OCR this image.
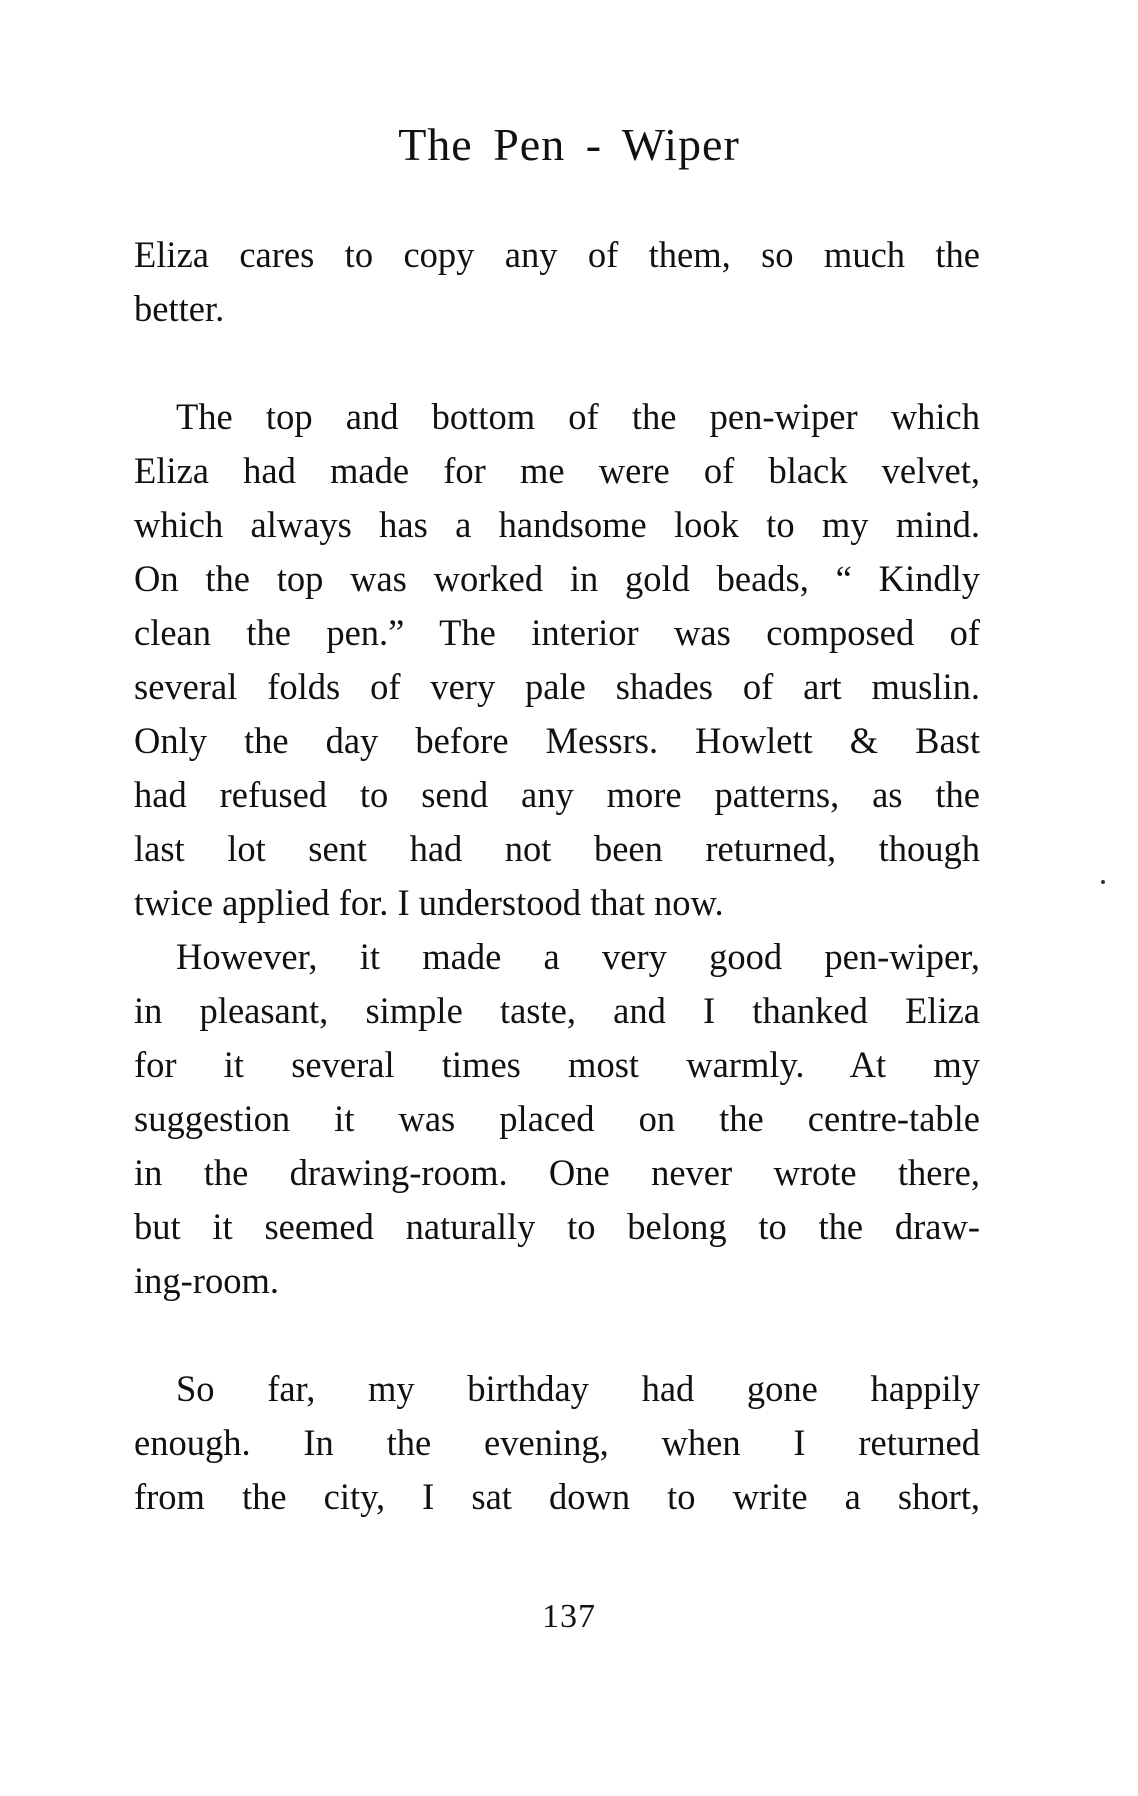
The Pen - Wiper
Eliza cares to copy any of them, so much the
better.
The top and bottom of the pen-wiper which
Eliza had made for me were of black velvet,
which always has a handsome look to my mind.
On the top was worked in gold beads, “ Kindly
clean the pen.” The interior was composed of
several folds of very pale shades of art muslin.
Only the day before Messrs. Howlett & Bast
had refused to send any more patterns, as the
last lot sent had not been returned, though
twice applied for. I understood that now.
However, it made a very good pen-wiper,
in pleasant, simple taste, and I thanked Eliza
for it several times most warmly. At my
suggestion it was placed on the centre-table
in the drawing-room. One never wrote there,
but it seemed naturally to belong to the draw-
ing-room.
So far, my birthday had gone happily
enough. In the evening, when I returned
from the city, I sat down to write a short,
137
